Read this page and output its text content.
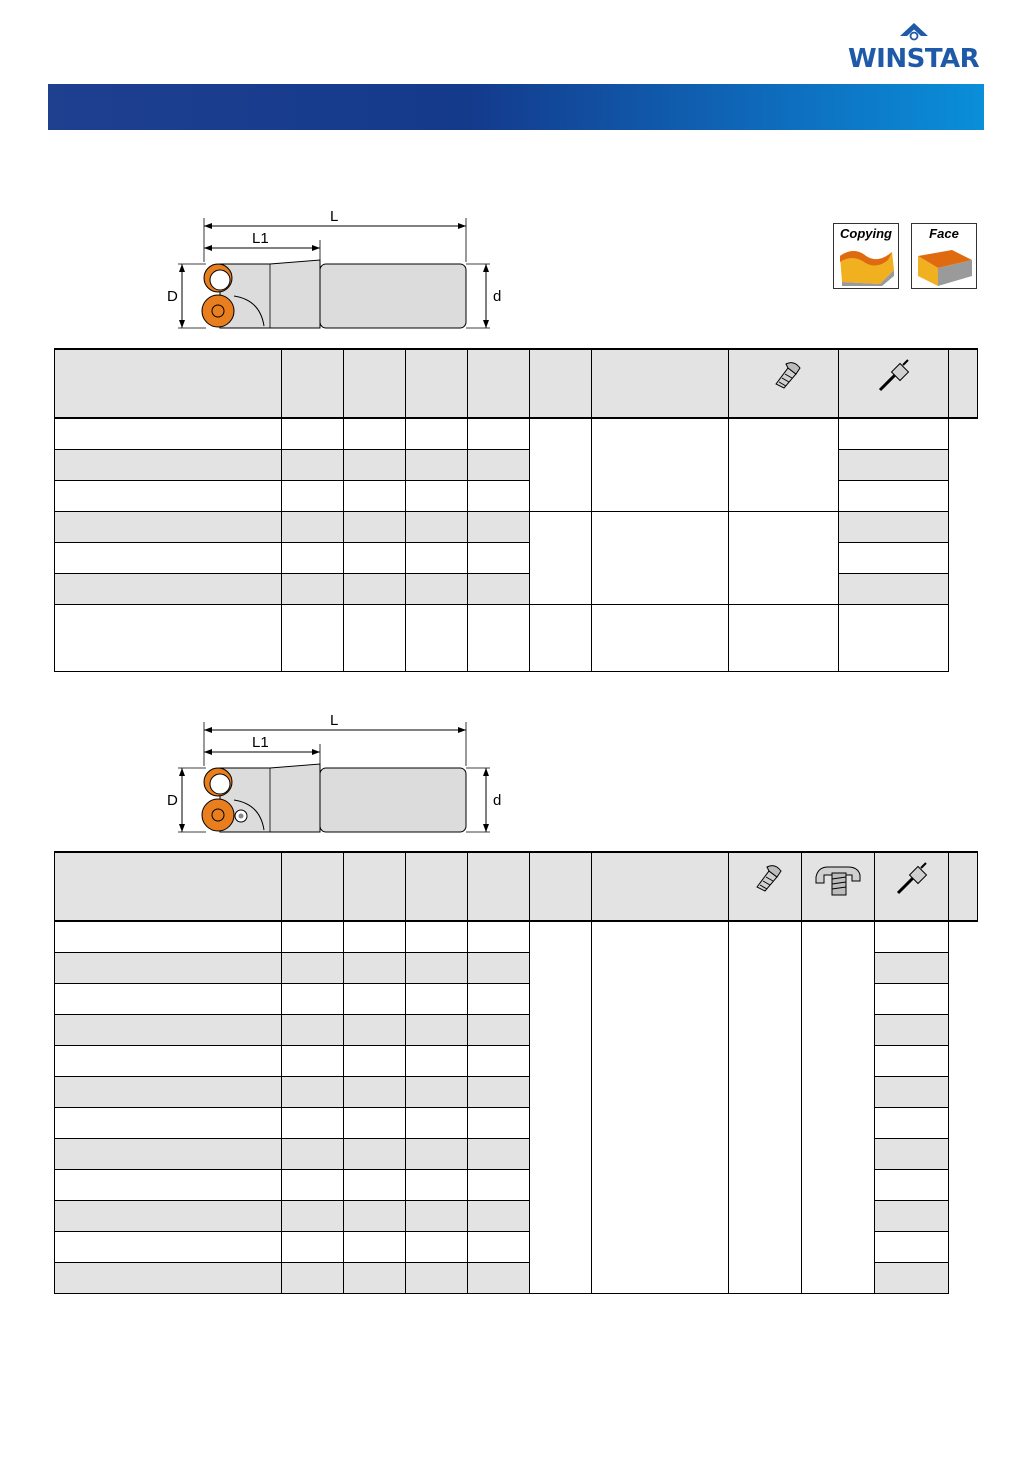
WINSTAR
L
L1
D	d
Copying	Face

L
L1
D	d
